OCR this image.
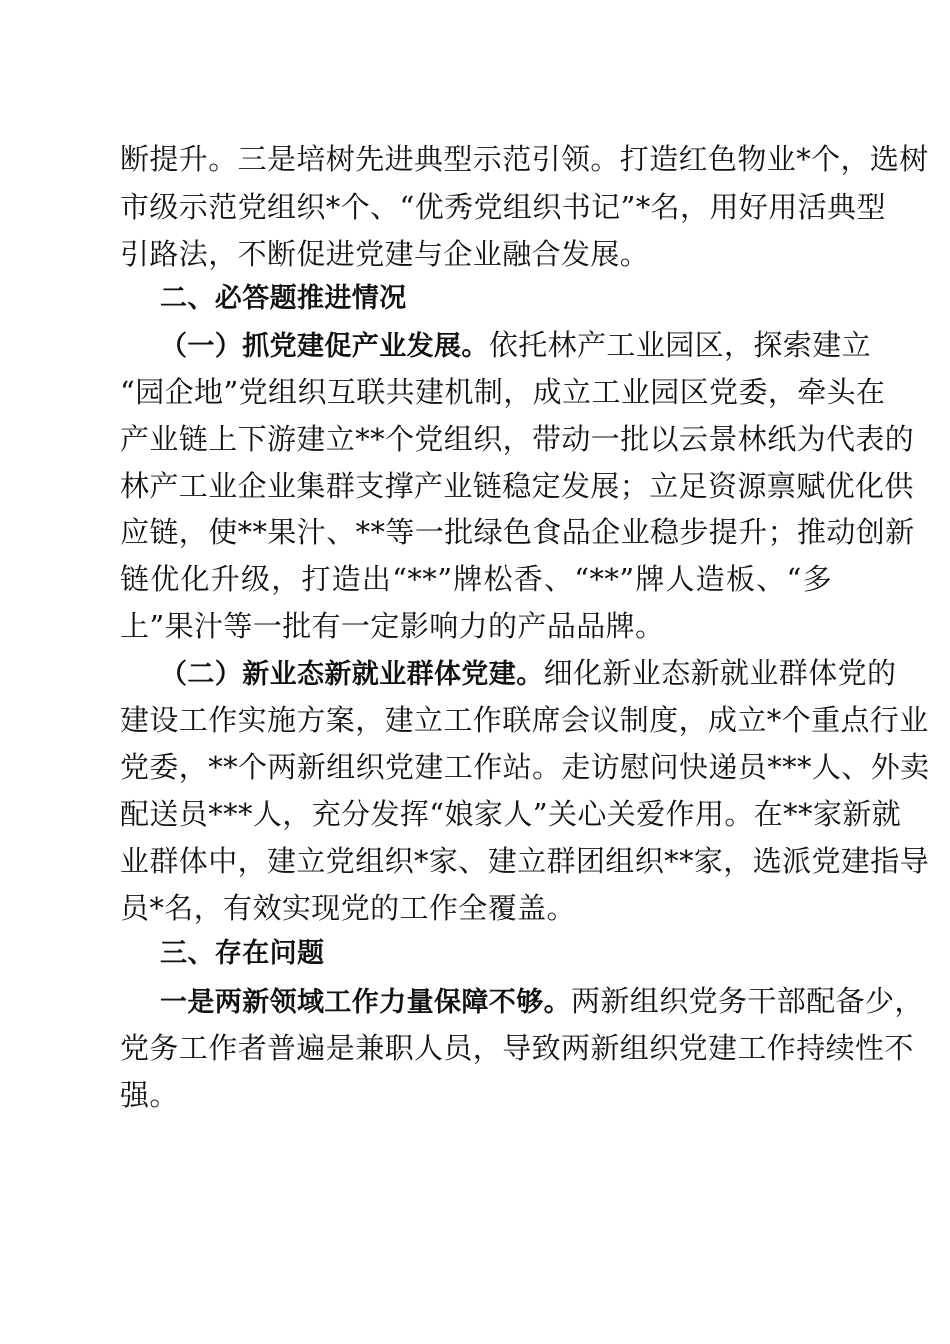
断提升。三是培树先进典型示范引领。打造红色物业*个，选树
市级示范党组织*个、“优秀党组织书记”*名，用好用活典型
引路法，不断促进党建与企业融合发展。
二、必答题推进情况
（一）抓党建促产业发展。依托林产工业园区，探索建立
“园企地”党组织互联共建机制，成立工业园区党委，牵头在
产业链上下游建立**个党组织，带动一批以云景林纸为代表的
林产工业企业集群支撑产业链稳定发展；立足资源禀赋优化供
应链，使**果汁、**等一批绿色食品企业稳步提升；推动创新
链优化升级，打造出“**”牌松香、“**”牌人造板、“多
上”果汁等一批有一定影响力的产品品牌。
（二）新业态新就业群体党建。细化新业态新就业群体党的
建设工作实施方案，建立工作联席会议制度，成立*个重点行业
党委，**个两新组织党建工作站。走访慰问快递员***人、外卖
配送员***人，充分发挥“娘家人”关心关爱作用。在**家新就
业群体中，建立党组织*家、建立群团组织**家，选派党建指导
员*名，有效实现党的工作全覆盖。
三、存在问题
一是两新领域工作力量保障不够。两新组织党务干部配备少，
党务工作者普遍是兼职人员，导致两新组织党建工作持续性不
强。
